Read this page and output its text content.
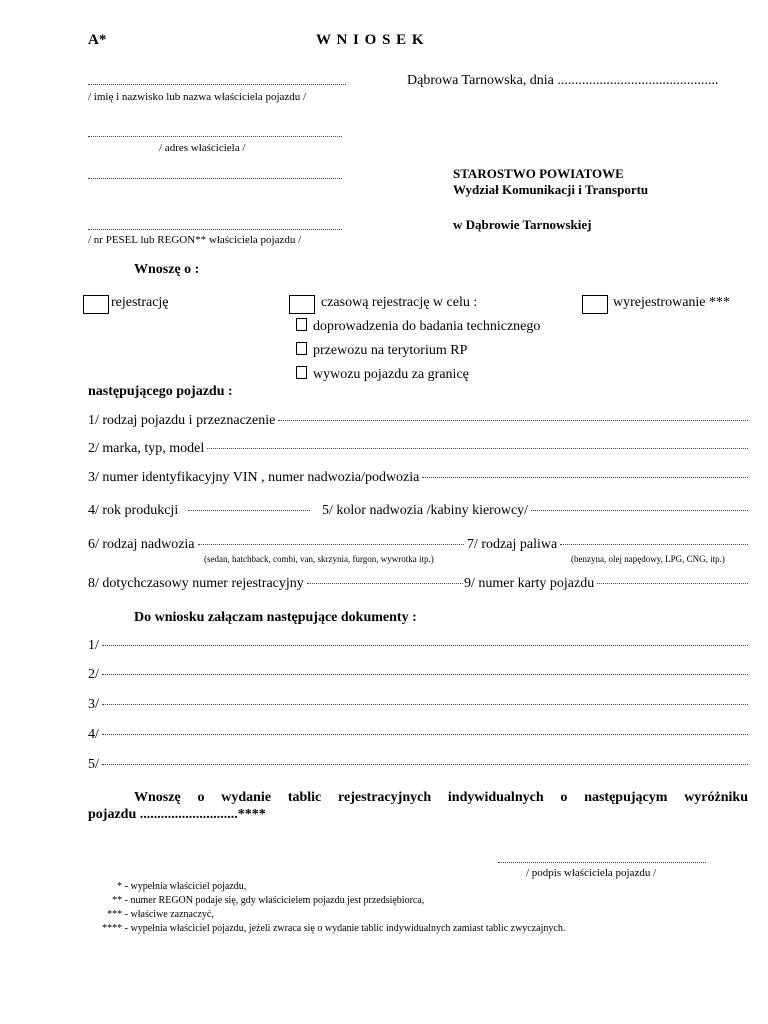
A*	W N I O S E K
Dąbrowa Tarnowska, dnia ..............................................
/ imię i nazwisko lub nazwa właściciela pojazdu /
/ adres właściciela /
/ nr PESEL lub REGON** właściciela pojazdu /
STAROSTWO POWIATOWE
Wydział Komunikacji i Transportu
w Dąbrowie Tarnowskiej
Wnoszę o :
rejestrację	czasową rejestrację w celu :	wyrejestrowanie ***
doprowadzenia do badania technicznego
przewozu na terytorium RP
wywozu pojazdu za granicę
następującego pojazdu :
1/ rodzaj pojazdu i przeznaczenie
2/ marka, typ, model
3/ numer identyfikacyjny VIN , numer nadwozia/podwozia
4/ rok produkcji	5/ kolor nadwozia /kabiny kierowcy/
6/ rodzaj nadwozia
(sedan, hatchback, combi, van, skrzynia, furgon, wywrotka itp.)
7/ rodzaj paliwa
(benzyna, olej napędowy, LPG, CNG, itp.)
8/ dotychczasowy numer rejestracyjny	9/ numer karty pojazdu
Do wniosku załączam następujące dokumenty :
1/
2/
3/
4/
5/
Wnoszę o wydanie tablic rejestracyjnych indywidualnych o następującym wyróżniku
pojazdu ............................****
/ podpis właściciela pojazdu /
* - wypełnia właściciel pojazdu,
** - numer REGON podaje się, gdy właścicielem pojazdu jest przedsiębiorca,
*** - właściwe zaznaczyć,
**** - wypełnia właściciel pojazdu, jeżeli zwraca się o wydanie tablic indywidualnych zamiast tablic zwyczajnych.
